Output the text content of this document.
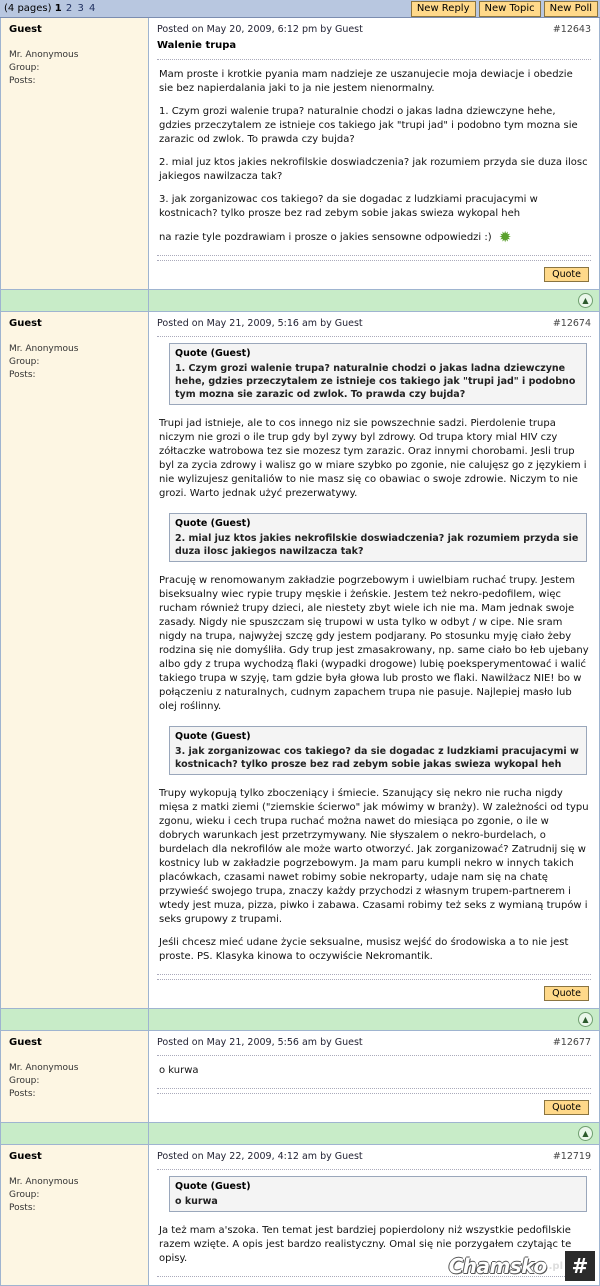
(4 pages) 1 2 3 4	New Reply	New Topic	New Poll
Guest
Mr. Anonymous
Group:
Posts:
Posted on May 20, 2009, 6:12 pm by Guest	#12643
Walenie trupa

Mam proste i krotkie pyania mam nadzieje ze uszanujecie moja dewiacje i obedzie sie bez napierdalania jaki to ja nie jestem nienormalny.

1. Czym grozi walenie trupa? naturalnie chodzi o jakas ladna dziewczyne hehe, gdzies przeczytalem ze istnieje cos takiego jak "trupi jad" i podobno tym mozna sie zarazic od zwlok. To prawda czy bujda?

2. mial juz ktos jakies nekrofilskie doswiadczenia? jak rozumiem przyda sie duza ilosc jakiegos nawilzacza tak?

3. jak zorganizowac cos takiego? da sie dogadac z ludzkiami pracujacymi w kostnicach? tylko prosze bez rad zebym sobie jakas swieza wykopal heh

na razie tyle pozdrawiam i prosze o jakies sensowne odpowiedzi :) ✹

Quote
▲
Guest
Mr. Anonymous
Group:
Posts:
Posted on May 21, 2009, 5:16 am by Guest	#12674
Quote (Guest)
1. Czym grozi walenie trupa? naturalnie chodzi o jakas ladna dziewczyne hehe, gdzies przeczytalem ze istnieje cos takiego jak "trupi jad" i podobno tym mozna sie zarazic od zwlok. To prawda czy bujda?

Trupi jad istnieje, ale to cos innego niz sie powszechnie sadzi. Pierdolenie trupa niczym nie grozi o ile trup gdy byl zywy byl zdrowy. Od trupa ktory mial HIV czy zółtaczke watrobowa tez sie mozesz tym zarazic. Oraz innymi chorobami. Jesli trup byl za zycia zdrowy i walisz go w miare szybko po zgonie, nie calujęsz go z językiem i nie wylizujesz genitaliów to nie masz się co obawiac o swoje zdrowie. Niczym to nie grozi. Warto jednak użyć prezerwatywy.

Quote (Guest)
2. mial juz ktos jakies nekrofilskie doswiadczenia? jak rozumiem przyda sie duza ilosc jakiegos nawilzacza tak?

Pracuję w renomowanym zakładzie pogrzebowym i uwielbiam ruchać trupy. Jestem biseksualny wiec rypie trupy męskie i żeńskie. Jestem też nekro-pedofilem, więc rucham również trupy dzieci, ale niestety zbyt wiele ich nie ma. Mam jednak swoje zasady. Nigdy nie spuszczam się trupowi w usta tylko w odbyt / w cipe. Nie sram nigdy na trupa, najwyżej szczę gdy jestem podjarany. Po stosunku myję ciało żeby rodzina się nie domyśliła. Gdy trup jest zmasakrowany, np. same ciało bo łeb ujebany albo gdy z trupa wychodzą flaki (wypadki drogowe) lubię poeksperymentować i walić takiego trupa w szyję, tam gdzie była głowa lub prosto we flaki. Nawilżacz NIE! bo w połączeniu z naturalnych, cudnym zapachem trupa nie pasuje. Najlepiej masło lub olej roślinny.

Quote (Guest)
3. jak zorganizowac cos takiego? da sie dogadac z ludzkiami pracujacymi w kostnicach? tylko prosze bez rad zebym sobie jakas swieza wykopal heh

Trupy wykopują tylko zboczeniący i śmiecie. Szanujący się nekro nie rucha nigdy mięsa z matki ziemi ("ziemskie ścierwo" jak mówimy w branży). W zależności od typu zgonu, wieku i cech trupa ruchać można nawet do miesiąca po zgonie, o ile w dobrych warunkach jest przetrzymywany. Nie słyszalem o nekro-burdelach, o burdelach dla nekrofilów ale może warto otworzyć. Jak zorganizować? Zatrudnij się w kostnicy lub w zakładzie pogrzebowym. Ja mam paru kumpli nekro w innych takich placówkach, czasami nawet robimy sobie nekroparty, udaje nam się na chatę przywieść swojego trupa, znaczy każdy przychodzi z własnym trupem-partnerem i wtedy jest muza, pizza, piwko i zabawa. Czasami robimy też seks z wymianą trupów i seks grupowy z trupami.

Jeśli chcesz mieć udane życie seksualne, musisz wejść do środowiska a to nie jest proste. PS. Klasyka kinowa to oczywiście Nekromantik.

Quote
▲
Guest
Mr. Anonymous
Group:
Posts:
Posted on May 21, 2009, 5:56 am by Guest	#12677

o kurwa

Quote
▲
Guest
Mr. Anonymous
Group:
Posts:
Posted on May 22, 2009, 4:12 am by Guest	#12719
Quote (Guest)
o kurwa

Ja też mam a'szoka. Ten temat jest bardziej popierdolony niż wszystkie pedofilskie razem wzięte. A opis jest bardzo realistyczny. Omal się nie porzygałem czytając te opisy.	Chamsko .pl #
